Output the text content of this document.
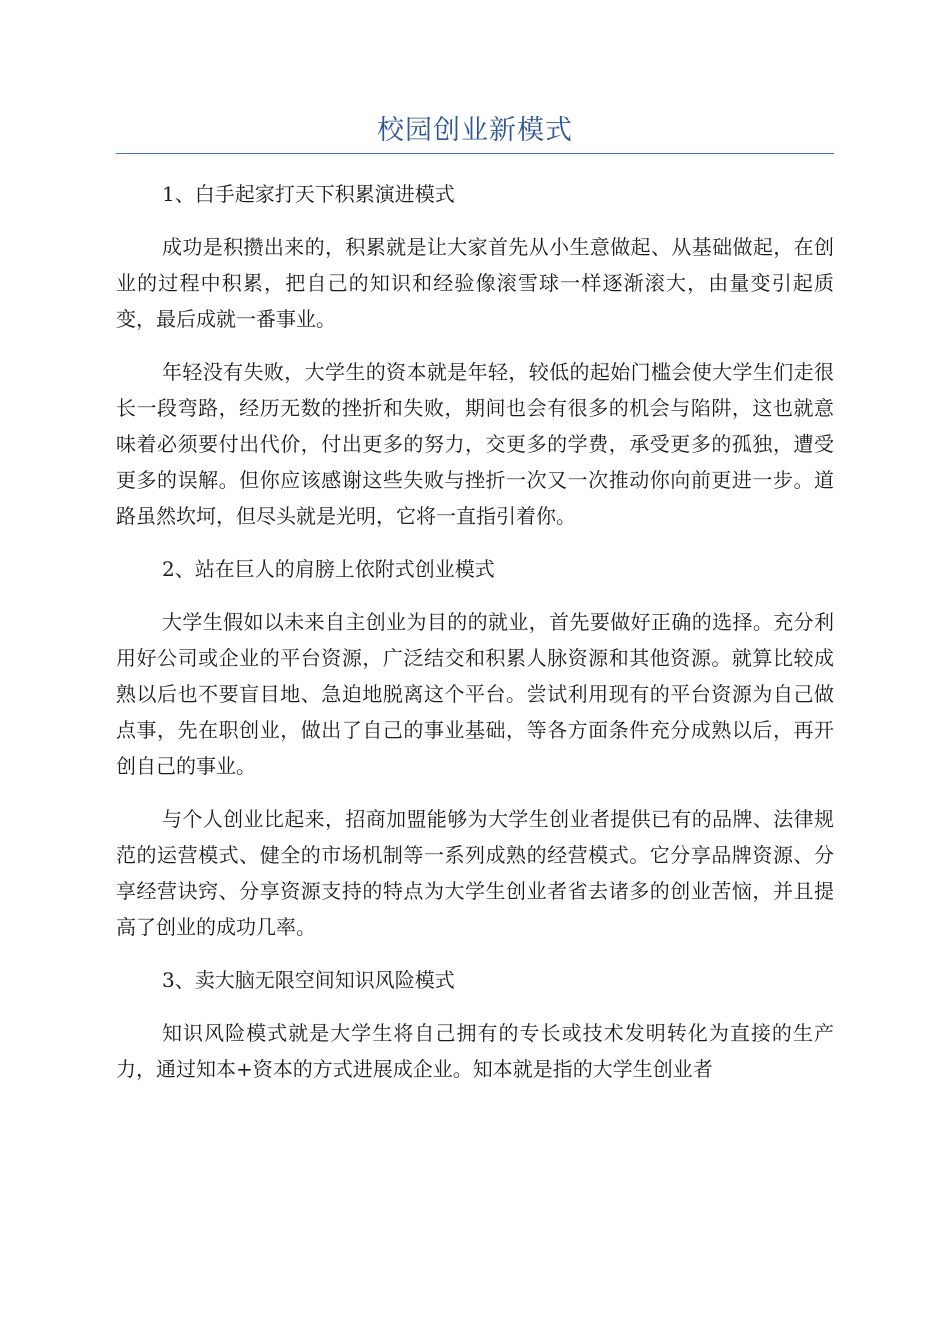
校园创业新模式

1、白手起家打天下积累演进模式

成功是积攒出来的，积累就是让大家首先从小生意做起、从基础做起，在创业的过程中积累，把自己的知识和经验像滚雪球一样逐渐滚大，由量变引起质变，最后成就一番事业。

年轻没有失败，大学生的资本就是年轻，较低的起始门槛会使大学生们走很长一段弯路，经历无数的挫折和失败，期间也会有很多的机会与陷阱，这也就意味着必须要付出代价，付出更多的努力，交更多的学费，承受更多的孤独，遭受更多的误解。但你应该感谢这些失败与挫折一次又一次推动你向前更进一步。道路虽然坎坷，但尽头就是光明，它将一直指引着你。

2、站在巨人的肩膀上依附式创业模式

大学生假如以未来自主创业为目的的就业，首先要做好正确的选择。充分利用好公司或企业的平台资源，广泛结交和积累人脉资源和其他资源。就算比较成熟以后也不要盲目地、急迫地脱离这个平台。尝试利用现有的平台资源为自己做点事，先在职创业，做出了自己的事业基础，等各方面条件充分成熟以后，再开创自己的事业。

与个人创业比起来，招商加盟能够为大学生创业者提供已有的品牌、法律规范的运营模式、健全的市场机制等一系列成熟的经营模式。它分享品牌资源、分享经营诀窍、分享资源支持的特点为大学生创业者省去诸多的创业苦恼，并且提高了创业的成功几率。

3、卖大脑无限空间知识风险模式

知识风险模式就是大学生将自己拥有的专长或技术发明转化为直接的生产力，通过知本+资本的方式进展成企业。知本就是指的大学生创业者
